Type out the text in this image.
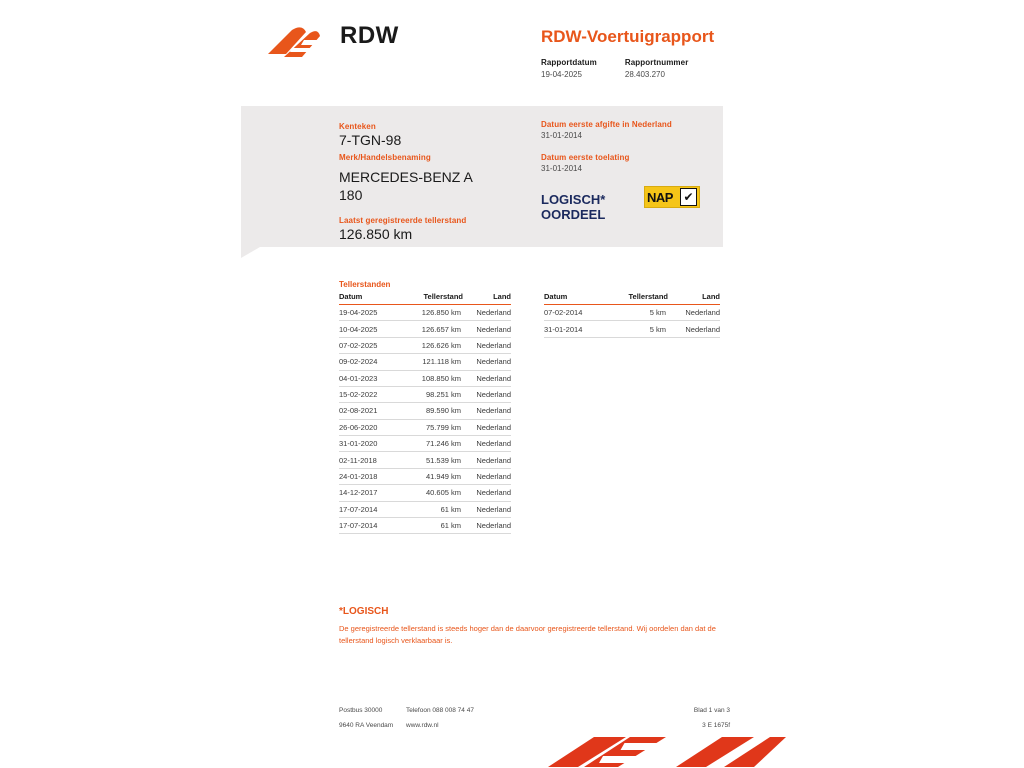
RDW	RDW-Voertuigrapport
Rapportdatum
19-04-2025
Rapportnummer
28.403.270
Kenteken
7-TGN-98
Merk/Handelsbenaming
MERCEDES-BENZ A 180
Laatst geregistreerde tellerstand
126.850 km
Datum eerste afgifte in Nederland
31-01-2014
Datum eerste toelating
31-01-2014
LOGISCH* OORDEEL
NAP ✔
Tellerstanden
Datum	Tellerstand	Land
19-04-2025	126.850 km	Nederland
10-04-2025	126.657 km	Nederland
07-02-2025	126.626 km	Nederland
09-02-2024	121.118 km	Nederland
04-01-2023	108.850 km	Nederland
15-02-2022	98.251 km	Nederland
02-08-2021	89.590 km	Nederland
26-06-2020	75.799 km	Nederland
31-01-2020	71.246 km	Nederland
02-11-2018	51.539 km	Nederland
24-01-2018	41.949 km	Nederland
14-12-2017	40.605 km	Nederland
17-07-2014	61 km	Nederland
17-07-2014	61 km	Nederland
Datum	Tellerstand	Land
07-02-2014	5 km	Nederland
31-01-2014	5 km	Nederland
*LOGISCH
De geregistreerde tellerstand is steeds hoger dan de daarvoor geregistreerde tellerstand. Wij oordelen dan dat de tellerstand logisch verklaarbaar is.
Postbus 30000
9640 RA Veendam
Telefoon 088 008 74 47
www.rdw.nl
Blad 1 van 3
3 E 1675f
